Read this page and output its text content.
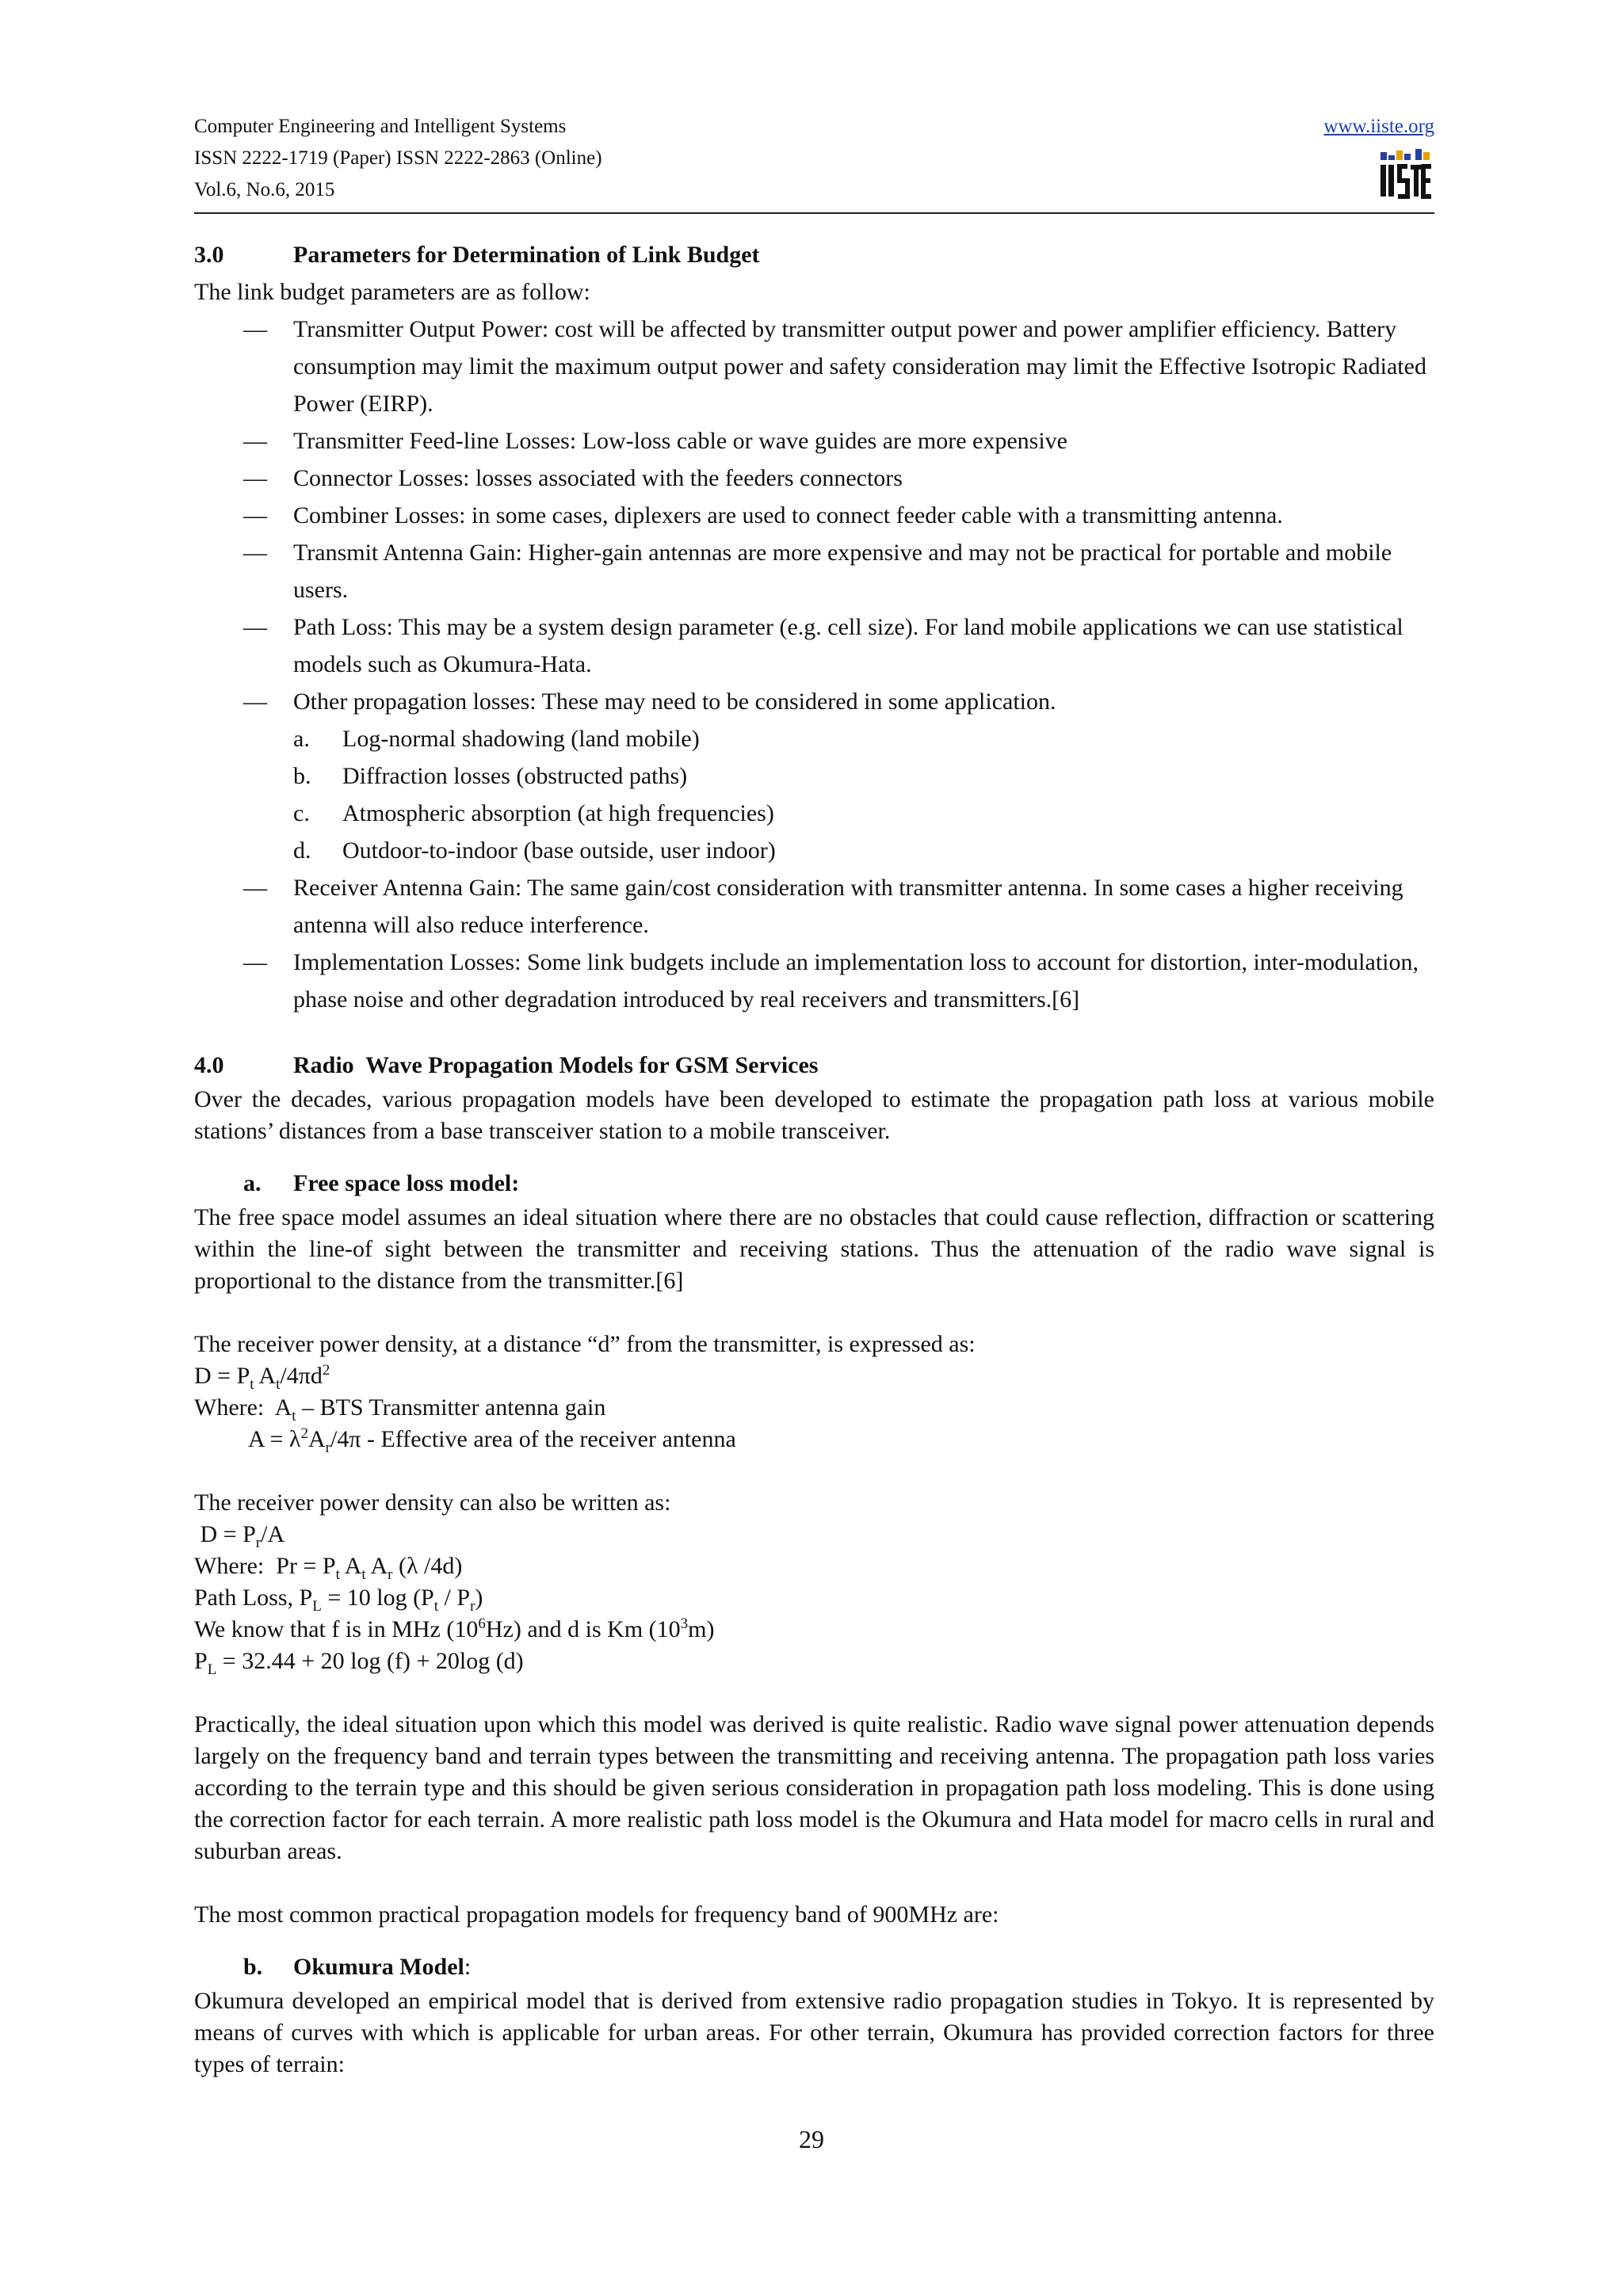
Computer Engineering and Intelligent Systems
ISSN 2222-1719 (Paper) ISSN 2222-2863 (Online)
Vol.6, No.6, 2015
www.iiste.org
3.0	Parameters for Determination of Link Budget

The link budget parameters are as follow:

— Transmitter Output Power: cost will be affected by transmitter output power and power amplifier efficiency. Battery consumption may limit the maximum output power and safety consideration may limit the Effective Isotropic Radiated Power (EIRP).
— Transmitter Feed-line Losses: Low-loss cable or wave guides are more expensive
— Connector Losses: losses associated with the feeders connectors
— Combiner Losses: in some cases, diplexers are used to connect feeder cable with a transmitting antenna.
— Transmit Antenna Gain: Higher-gain antennas are more expensive and may not be practical for portable and mobile users.
— Path Loss: This may be a system design parameter (e.g. cell size). For land mobile applications we can use statistical models such as Okumura-Hata.
— Other propagation losses: These may need to be considered in some application.
a. Log-normal shadowing (land mobile)
b. Diffraction losses (obstructed paths)
c. Atmospheric absorption (at high frequencies)
d. Outdoor-to-indoor (base outside, user indoor)
— Receiver Antenna Gain: The same gain/cost consideration with transmitter antenna. In some cases a higher receiving antenna will also reduce interference.
— Implementation Losses: Some link budgets include an implementation loss to account for distortion, inter-modulation, phase noise and other degradation introduced by real receivers and transmitters.[6]
4.0	Radio  Wave Propagation Models for GSM Services

Over the decades, various propagation models have been developed to estimate the propagation path loss at various mobile stations’ distances from a base transceiver station to a mobile transceiver.

a. Free space loss model:

The free space model assumes an ideal situation where there are no obstacles that could cause reflection, diffraction or scattering within the line-of sight between the transmitter and receiving stations. Thus the attenuation of the radio wave signal is proportional to the distance from the transmitter.[6]

The receiver power density, at a distance “d” from the transmitter, is expressed as:
$D = P_t$ $A_t/4\pi d^2$
Where:  $A_t$ – BTS Transmitter antenna gain
$A = \lambda^2A_r/4\pi$ - Effective area of the receiver antenna
The receiver power density can also be written as:
$D = P_r/A$
Where:  $Pr = P_t$ $A_t$ $A_r$ (λ /4d)
Path Loss, $P_L = 10$ $\log (P_t / P_r)$
We know that f is in MHz $(10^6Hz)$ and d is Km $(10^3m)$
$P_L = 32.44 + 20$ log (f) + 20log (d)

Practically, the ideal situation upon which this model was derived is quite realistic. Radio wave signal power attenuation depends largely on the frequency band and terrain types between the transmitting and receiving antenna. The propagation path loss varies according to the terrain type and this should be given serious consideration in propagation path loss modeling. This is done using the correction factor for each terrain. A more realistic path loss model is the Okumura and Hata model for macro cells in rural and suburban areas.

The most common practical propagation models for frequency band of 900MHz are:

b. Okumura Model:

Okumura developed an empirical model that is derived from extensive radio propagation studies in Tokyo. It is represented by means of curves with which is applicable for urban areas. For other terrain, Okumura has provided correction factors for three types of terrain:

29
